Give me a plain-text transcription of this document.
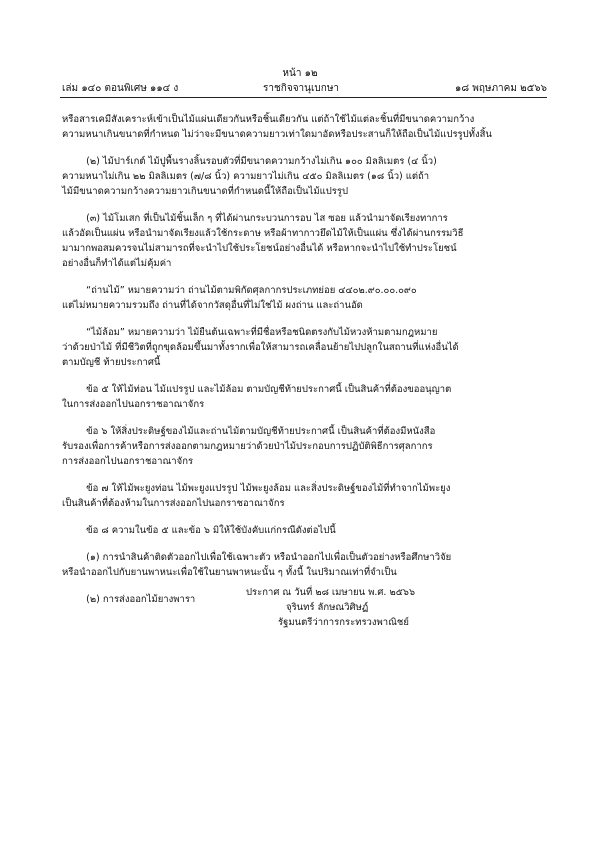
หน้า ๑๒
เล่ม ๑๔๐ ตอนพิเศษ ๑๑๔ ง	ราชกิจจานุเบกษา	๑๘ พฤษภาคม ๒๕๖๖

หรือสารเคมีสังเคราะห์เข้าเป็นไม้แผ่นเดียวกันหรือชิ้นเดียวกัน แต่ถ้าใช้ไม้แต่ละชิ้นที่มีขนาดความกว้าง

ความหนาเกินขนาดที่กำหนด ไม่ว่าจะมีขนาดความยาวเท่าใดมาอัดหรือประสานก็ให้ถือเป็นไม้แปรรูปทั้งสิ้น

(๒) ไม้ปาร์เกต์ ไม้ปูพื้นรางลิ้นรอบตัวที่มีขนาดความกว้างไม่เกิน ๑๐๐ มิลลิเมตร (๔ นิ้ว)

ความหนาไม่เกิน ๒๒ มิลลิเมตร (๗/๘ นิ้ว) ความยาวไม่เกิน ๔๕๐ มิลลิเมตร (๑๘ นิ้ว) แต่ถ้า

ไม้มีขนาดความกว้างความยาวเกินขนาดที่กำหนดนี้ให้ถือเป็นไม้แปรรูป

(๓) ไม้โมเสก ที่เป็นไม้ชิ้นเล็ก ๆ ที่ได้ผ่านกระบวนการอบ ไส ซอย แล้วนำมาจัดเรียงทาการ

แล้วอัดเป็นแผ่น หรือนำมาจัดเรียงแล้วใช้กระดาษ หรือผ้าทากาวยึดไม้ให้เป็นแผ่น ซึ่งได้ผ่านกรรมวิธี

มามากพอสมควรจนไม่สามารถที่จะนำไปใช้ประโยชน์อย่างอื่นได้ หรือหากจะนำไปใช้ทำประโยชน์

อย่างอื่นก็ทำได้แต่ไม่คุ้มค่า

“ถ่านไม้” หมายความว่า ถ่านไม้ตามพิกัดศุลกากรประเภทย่อย ๔๔๐๒.๙๐.๐๐.๐๙๐

แต่ไม่หมายความรวมถึง ถ่านที่ได้จากวัสดุอื่นที่ไม่ใช่ไม้ ผงถ่าน และถ่านอัด

“ไม้ล้อม” หมายความว่า ไม้ยืนต้นเฉพาะที่มีชื่อหรือชนิดตรงกับไม้หวงห้ามตามกฎหมาย

ว่าด้วยป่าไม้ ที่มีชีวิตที่ถูกขุดล้อมขึ้นมาทั้งรากเพื่อให้สามารถเคลื่อนย้ายไปปลูกในสถานที่แห่งอื่นได้

ตามบัญชี ท้ายประกาศนี้

ข้อ ๕ ให้ไม้ท่อน ไม้แปรรูป และไม้ล้อม ตามบัญชีท้ายประกาศนี้ เป็นสินค้าที่ต้องขออนุญาต

ในการส่งออกไปนอกราชอาณาจักร

ข้อ ๖ ให้สิ่งประดิษฐ์ของไม้และถ่านไม้ตามบัญชีท้ายประกาศนี้ เป็นสินค้าที่ต้องมีหนังสือ

รับรองเพื่อการค้าหรือการส่งออกตามกฎหมายว่าด้วยป่าไม้ประกอบการปฏิบัติพิธีการศุลกากร

การส่งออกไปนอกราชอาณาจักร

ข้อ ๗ ให้ไม้พะยูงท่อน ไม้พะยูงแปรรูป ไม้พะยูงล้อม และสิ่งประดิษฐ์ของไม้ที่ทำจากไม้พะยูง

เป็นสินค้าที่ต้องห้ามในการส่งออกไปนอกราชอาณาจักร

ข้อ ๘ ความในข้อ ๕ และข้อ ๖ มิให้ใช้บังคับแก่กรณีดังต่อไปนี้

(๑) การนำสินค้าติดตัวออกไปเพื่อใช้เฉพาะตัว หรือนำออกไปเพื่อเป็นตัวอย่างหรือศึกษาวิจัย

หรือนำออกไปกับยานพาหนะเพื่อใช้ในยานพาหนะนั้น ๆ ทั้งนี้ ในปริมาณเท่าที่จำเป็น

(๒) การส่งออกไม้ยางพารา

ประกาศ ณ วันที่ ๒๘ เมษายน พ.ศ. ๒๕๖๖
จุรินทร์ ลักษณวิศิษฏ์
รัฐมนตรีว่าการกระทรวงพาณิชย์
